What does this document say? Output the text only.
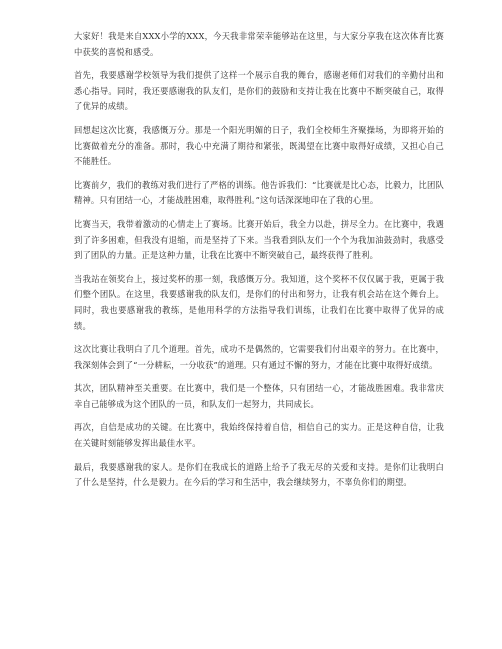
大家好！我是来自XXX小学的XXX，今天我非常荣幸能够站在这里，与大家分享我在这次体育比赛中获奖的喜悦和感受。

首先，我要感谢学校领导为我们提供了这样一个展示自我的舞台，感谢老师们对我们的辛勤付出和悉心指导。同时，我还要感谢我的队友们，是你们的鼓励和支持让我在比赛中不断突破自己，取得了优异的成绩。

回想起这次比赛，我感慨万分。那是一个阳光明媚的日子，我们全校师生齐聚操场，为即将开始的比赛做着充分的准备。那时，我心中充满了期待和紧张，既渴望在比赛中取得好成绩，又担心自己不能胜任。

比赛前夕，我们的教练对我们进行了严格的训练。他告诉我们：“比赛就是比心态，比毅力，比团队精神。只有团结一心，才能战胜困难，取得胜利。”这句话深深地印在了我的心里。

比赛当天，我带着激动的心情走上了赛场。比赛开始后，我全力以赴，拼尽全力。在比赛中，我遇到了许多困难，但我没有退缩，而是坚持了下来。当我看到队友们一个个为我加油鼓劲时，我感受到了团队的力量。正是这种力量，让我在比赛中不断突破自己，最终获得了胜利。

当我站在领奖台上，接过奖杯的那一刻，我感慨万分。我知道，这个奖杯不仅仅属于我，更属于我们整个团队。在这里，我要感谢我的队友们，是你们的付出和努力，让我有机会站在这个舞台上。同时，我也要感谢我的教练，是他用科学的方法指导我们训练，让我们在比赛中取得了优异的成绩。

这次比赛让我明白了几个道理。首先，成功不是偶然的，它需要我们付出艰辛的努力。在比赛中，我深刻体会到了“一分耕耘，一分收获”的道理。只有通过不懈的努力，才能在比赛中取得好成绩。

其次，团队精神至关重要。在比赛中，我们是一个整体，只有团结一心，才能战胜困难。我非常庆幸自己能够成为这个团队的一员，和队友们一起努力，共同成长。

再次，自信是成功的关键。在比赛中，我始终保持着自信，相信自己的实力。正是这种自信，让我在关键时刻能够发挥出最佳水平。

最后，我要感谢我的家人。是你们在我成长的道路上给予了我无尽的关爱和支持。是你们让我明白了什么是坚持，什么是毅力。在今后的学习和生活中，我会继续努力，不辜负你们的期望。
